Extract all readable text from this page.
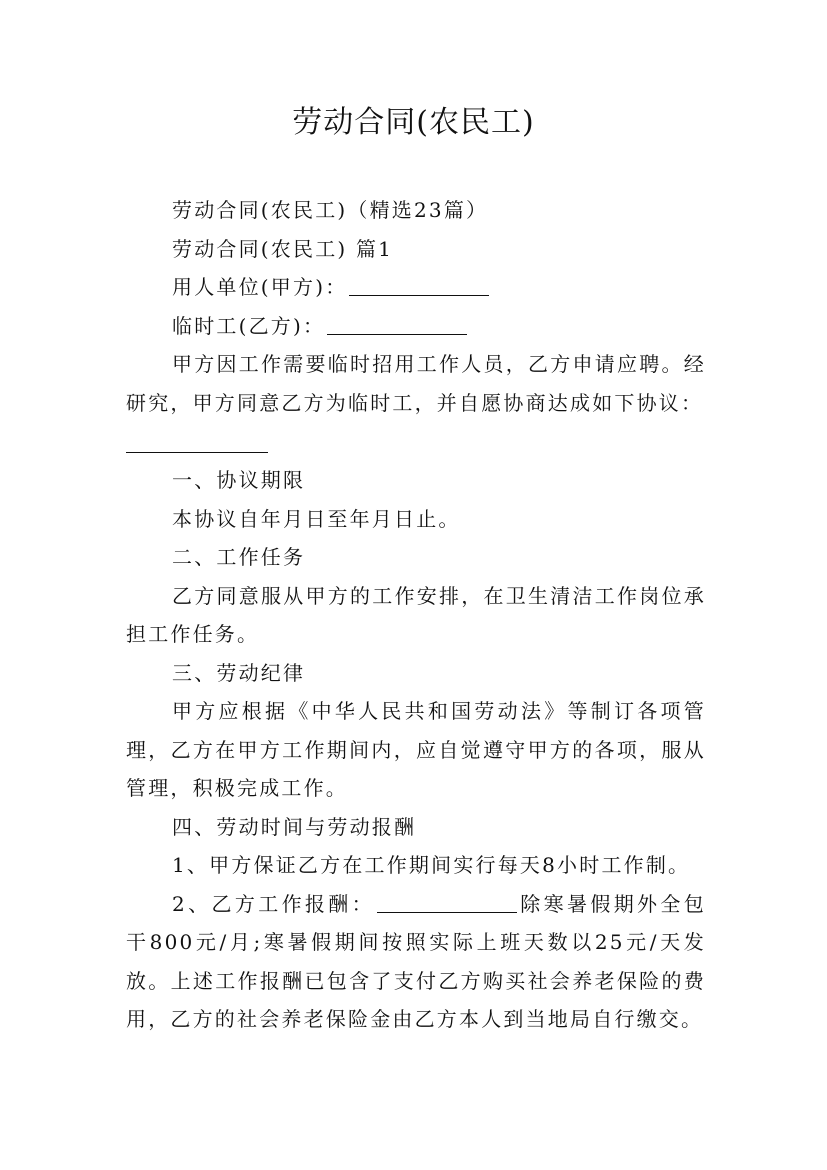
劳动合同(农民工)

劳动合同(农民工)（精选23篇）

劳动合同(农民工) 篇1

用人单位(甲方)：

临时工(乙方)：

甲方因工作需要临时招用工作人员，乙方申请应聘。经研究，甲方同意乙方为临时工，并自愿协商达成如下协议：

一、协议期限

本协议自年月日至年月日止。

二、工作任务

乙方同意服从甲方的工作安排，在卫生清洁工作岗位承担工作任务。

三、劳动纪律

甲方应根据《中华人民共和国劳动法》等制订各项管理，乙方在甲方工作期间内，应自觉遵守甲方的各项，服从管理，积极完成工作。

四、劳动时间与劳动报酬

1、甲方保证乙方在工作期间实行每天8小时工作制。

2、乙方工作报酬：	除寒暑假期外全包干800元/月;寒暑假期间按照实际上班天数以25元/天发放。上述工作报酬已包含了支付乙方购买社会养老保险的费用，乙方的社会养老保险金由乙方本人到当地局自行缴交。
